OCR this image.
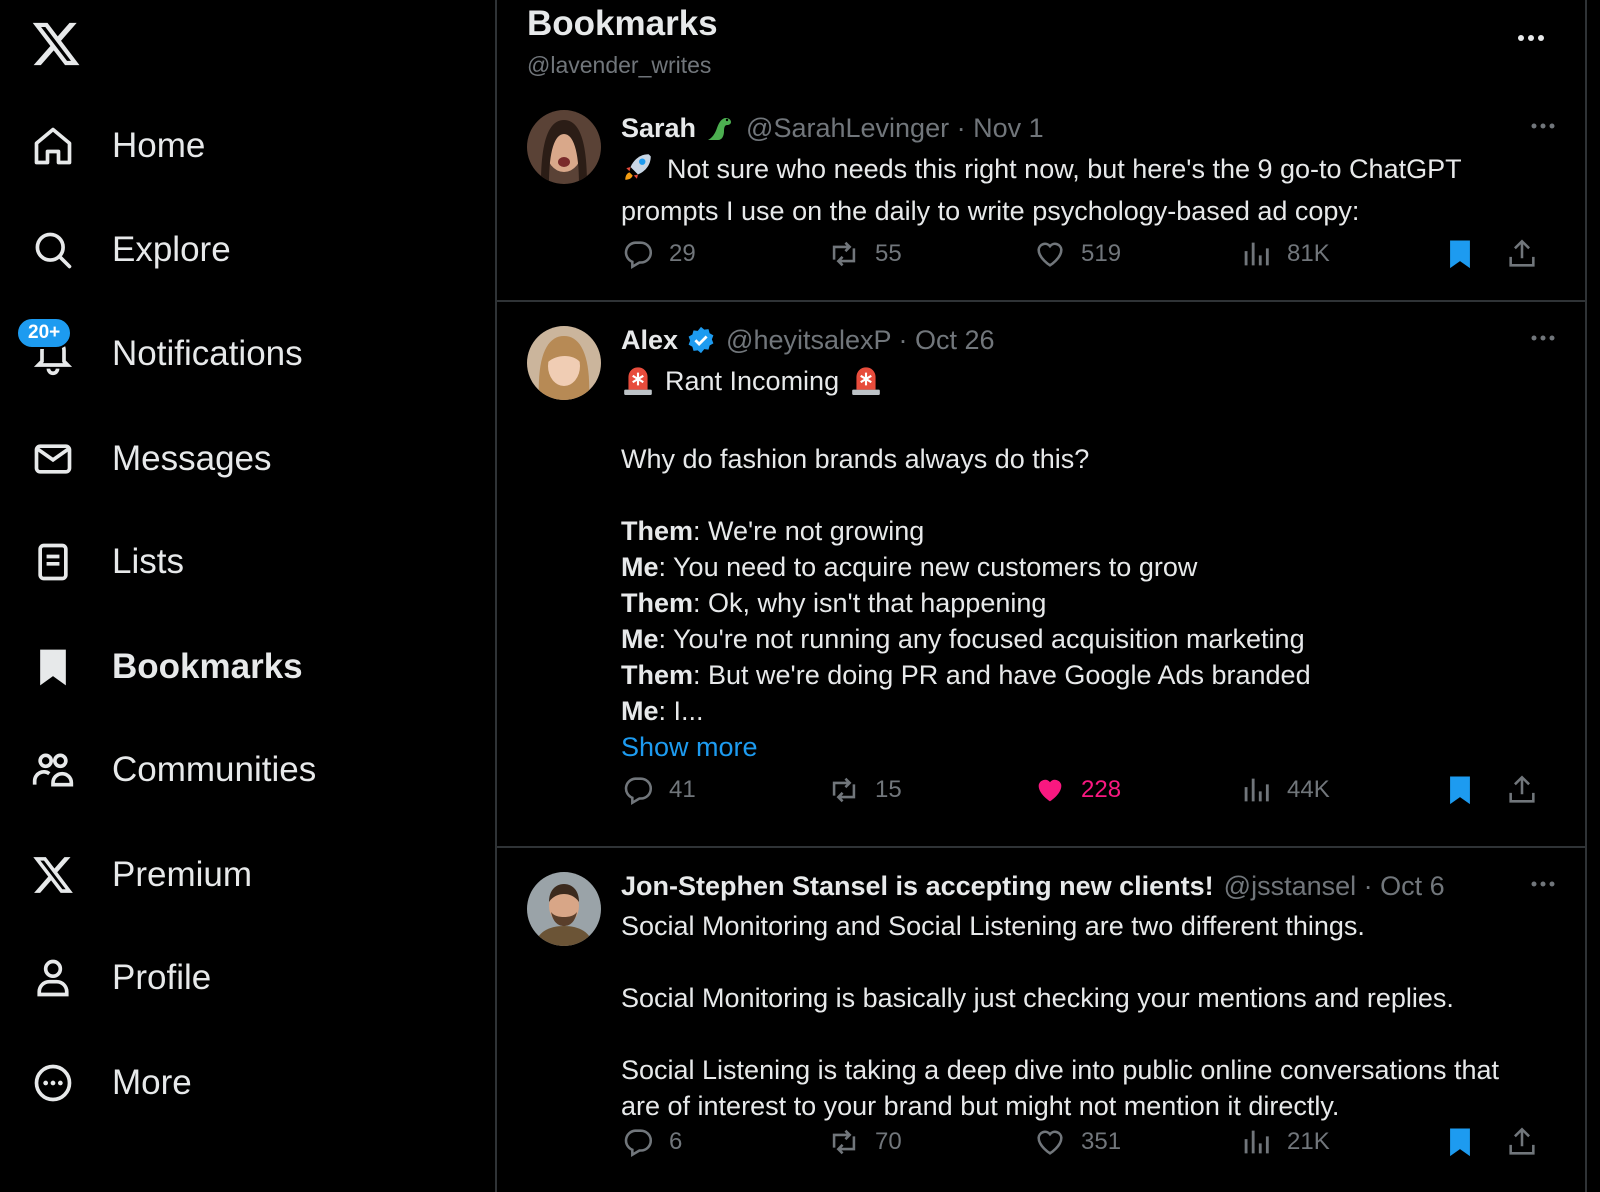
Home
Explore
20+
Notifications
Messages
Lists
Bookmarks
Communities
Premium
Profile
More
Bookmarks
@lavender_writes
Sarah @SarahLevinger · Nov 1

Not sure who needs this right now, but here's the 9 go-to ChatGPT

prompts I use on the daily to write psychology-based ad copy:

29	55	519	81K
Alex @heyitsalexP · Oct 26

Rant Incoming

Why do fashion brands always do this?

Them: We're not growing

Me: You need to acquire new customers to grow

Them: Ok, why isn't that happening

Me: You're not running any focused acquisition marketing

Them: But we're doing PR and have Google Ads branded

Me: I...

Show more
41	15	228	44K
Jon-Stephen Stansel is accepting new clients! @jsstansel · Oct 6

Social Monitoring and Social Listening are two different things.

Social Monitoring is basically just checking your mentions and replies.

Social Listening is taking a deep dive into public online conversations that

are of interest to your brand but might not mention it directly.

6	70	351	21K
